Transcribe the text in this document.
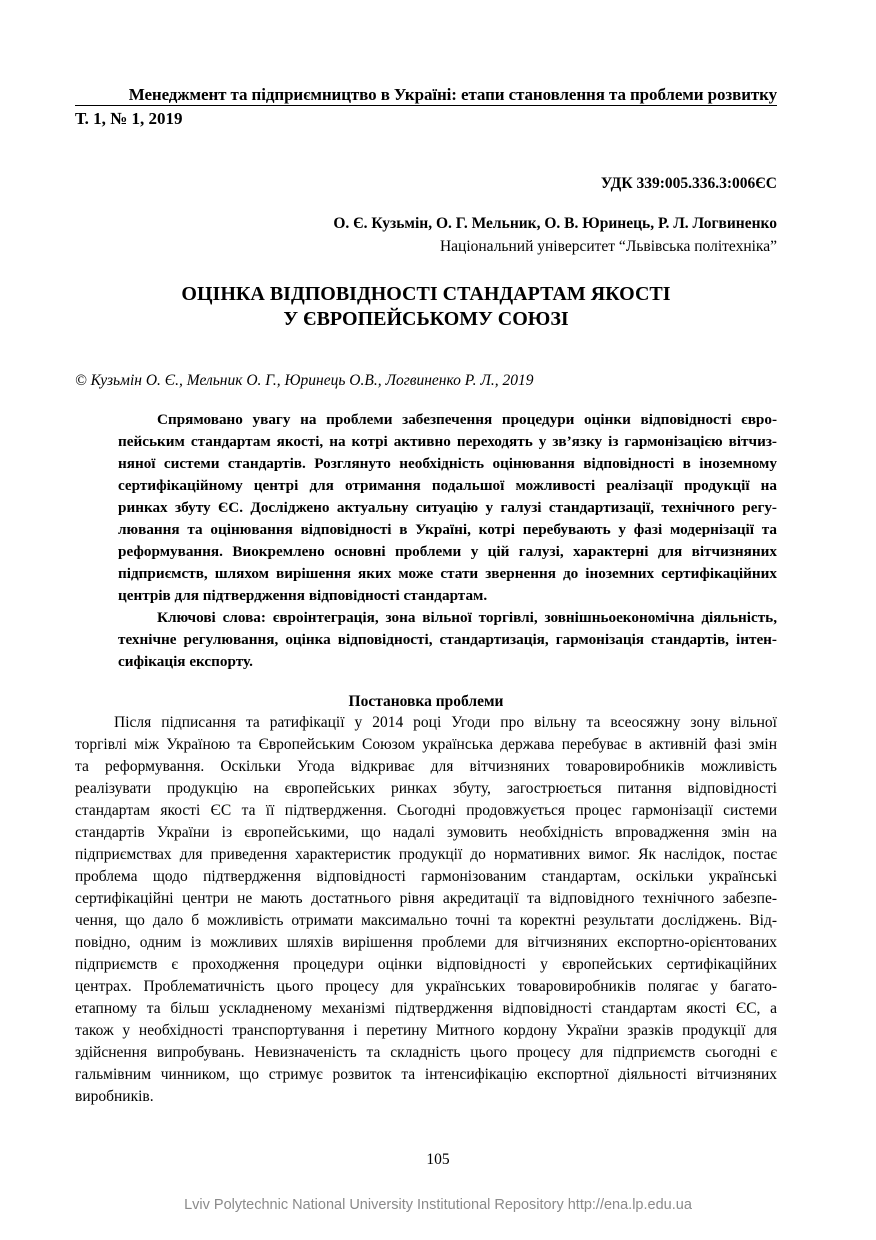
Менеджмент та підприємництво в Україні: етапи становлення та проблеми розвитку
Т. 1, № 1, 2019
УДК 339:005.336.3:006ЄС
О. Є. Кузьмін, О. Г. Мельник, О. В. Юринець, Р. Л. Логвиненко
Національний університет “Львівська політехніка”
ОЦІНКА ВІДПОВІДНОСТІ СТАНДАРТАМ ЯКОСТІ
У ЄВРОПЕЙСЬКОМУ СОЮЗІ
© Кузьмін О. Є., Мельник О. Г., Юринець О.В., Логвиненко Р. Л., 2019
Спрямовано увагу на проблеми забезпечення процедури оцінки відповідності євро-
пейським стандартам якості, на котрі активно переходять у зв’язку із гармонізацією вітчиз-
няної системи стандартів. Розглянуто необхідність оцінювання відповідності в іноземному
сертифікаційному центрі для отримання подальшої можливості реалізації продукції на
ринках збуту ЄС. Досліджено актуальну ситуацію у галузі стандартизації, технічного регу-
лювання та оцінювання відповідності в Україні, котрі перебувають у фазі модернізації та
реформування. Виокремлено основні проблеми у цій галузі, характерні для вітчизняних
підприємств, шляхом вирішення яких може стати звернення до іноземних сертифікаційних
центрів для підтвердження відповідності стандартам.
Ключові слова: євроінтеграція, зона вільної торгівлі, зовнішньоекономічна діяльність,
технічне регулювання, оцінка відповідності, стандартизація, гармонізація стандартів, інтен-
сифікація експорту.
Постановка проблеми
Після підписання та ратифікації у 2014 році Угоди про вільну та всеосяжну зону вільної
торгівлі між Україною та Європейським Союзом українська держава перебуває в активній фазі змін
та реформування. Оскільки Угода відкриває для вітчизняних товаровиробників можливість
реалізувати продукцію на європейських ринках збуту, загострюється питання відповідності
стандартам якості ЄС та її підтвердження. Сьогодні продовжується процес гармонізації системи
стандартів України із європейськими, що надалі зумовить необхідність впровадження змін на
підприємствах для приведення характеристик продукції до нормативних вимог. Як наслідок, постає
проблема щодо підтвердження відповідності гармонізованим стандартам, оскільки українські
сертифікаційні центри не мають достатнього рівня акредитації та відповідного технічного забезпе-
чення, що дало б можливість отримати максимально точні та коректні результати досліджень. Від-
повідно, одним із можливих шляхів вирішення проблеми для вітчизняних експортно-орієнтованих
підприємств є проходження процедури оцінки відповідності у європейських сертифікаційних
центрах. Проблематичність цього процесу для українських товаровиробників полягає у багато-
етапному та більш ускладненому механізмі підтвердження відповідності стандартам якості ЄС, а
також у необхідності транспортування і перетину Митного кордону України зразків продукції для
здійснення випробувань. Невизначеність та складність цього процесу для підприємств сьогодні є
гальмівним чинником, що стримує розвиток та інтенсифікацію експортної діяльності вітчизняних
виробників.
105
Lviv Polytechnic National University Institutional Repository http://ena.lp.edu.ua
